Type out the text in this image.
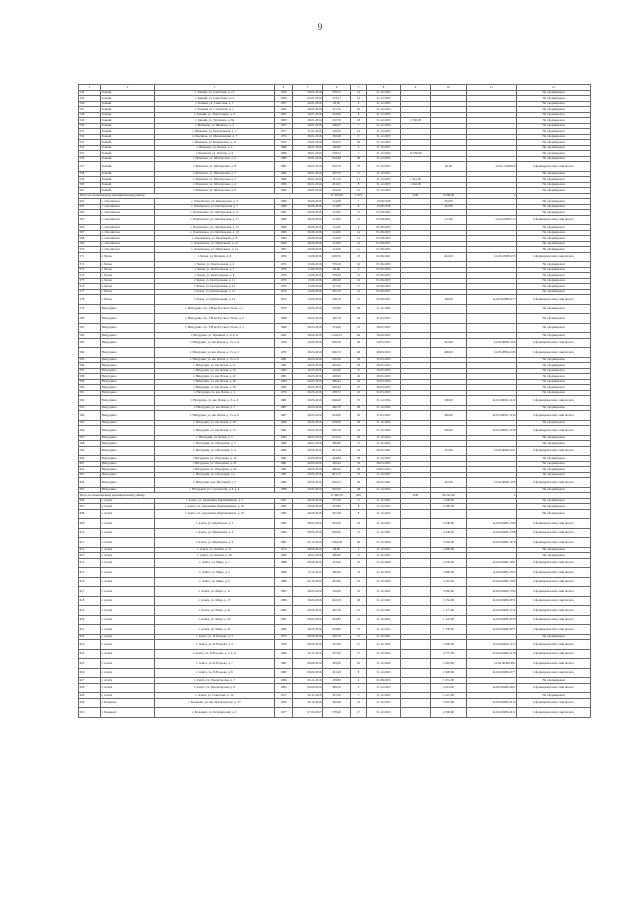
9
1	2	3	4	5	6	7	8	9	10	11	12
544	Тонкий	г. Тонкий, ул. Советская, д. 13	1959	09.01.2016	378,52	14	31.12.2023				Не сформирован
545	Тонкий	г. Тонкий, ул. Советская, д. 11	1959	09.01.2016	373,51	12	31.12.2023				Не сформирован
546	Тонкий	г. Тонкий, ул. Советская, д. 7	1957	26.01.2016	94,50	4	31.12.2023				Не сформирован
547	Тонкий	г. Тонкий, ул. Строителя, д. 1	1962	26.01.2016	311,10	16	31.12.2023				Не сформирован
548	Тонкий	г. Тонкий, ул. Энергетиков, д. 4	1967	29.01.2016	254,66	8	31.12.2023				Не сформирован
549	Тонкий	г. Тонкий, ул. Тургенева, д. 84	1960	28.01.2014	210,70	18	31.12.2023	1 550,00			Не сформирован
550	Тонкий	г. Мамонов, ул. Филиала, д. 3	1957	29.01.2016	266,67	7	31.12.2023				Не сформирован
551	Тонкий	г. Шаньков, ул. Центральная, д. 7	1977	31.01.2016	318,50	14	31.12.2023				Не сформирован
552	Тонкий	г. Ольгинов, ул. Механизация, д. 7	1974	26.01.2016	330,60	9	31.12.2023				Не сформирован
553	Тонкий	г. Шаньков, ул. Пионерская, д. 11	1972	20.01.2016	504,25	29	31.12.2023				Не сформирован
554	Тонкий	г. Шаньков, ул. Чехова, д. 2	1968	26.01.2016	190,00	9	31.12.2023				Не сформирован
555	Тонкий	г. Бельмонт, ул. Победы, д. 9	1968	28.01.2014	218,54	7	31.12.2023	12 550,00			Не сформирован
556	Тонкий	г. Мамонов, ул. Шахтерская, д. 6	1986	26.01.2016	916,60	38	31.12.2023				Не сформирован
557	Тонкий	г. Мамонов, ул. Шахтерская, д. 8	1987	29.01.2016	916,70	37	31.12.2023		65,00	14-02-124049-9	Сформирован или сами вплоть
558	Тонкий	г. Мамонов, ул. Шахтерская, д. 7	1960	29.01.2016	295,70	11	31.12.2023				Не сформирован
559	Тонкий	г. Мамонов, ул. Шахтерская, д. 5	1968	26.01.2014	257,70	11	31.12.2023	1 412,00			Не сформирован
560	Тонкий	г. Мамонов, ул. Шахтерская, д. 4	1956	26.01.2014	261,01	8	31.12.2023	1 042,00			Не сформирован
561	Тонкий	г. Мамонов, ул. Шахтерская, д. 9	1964	30.01.2016	264,50	12	31.12.2023				Не сформирован
Итого по Алексинскому муниципальному району					17 373,30	1 973		0,00	4 558,40	х	
562	с. Ольгинское	с. Ольгинское, ул. Пионерская, д. 3	1960	26.06.2016	114,00	7	15.08.2018		232,00		Не сформирован
563	с. Ольгинское	с. Ольгинское, ул. Октябрьская, д. 7	1960	26.06.2016	114,00	8	15.08.2018		232,00		Не сформирован
564	с. Ольгинское	с. Ольгинское, ул. Октябрьская, д. 11	1961	26.06.2016	114,00	15	01.08.2023				Не сформирован
565	с. Ольгинское	с. Ольгинское, ул. Октябрьская, д. 17	1969	26.06.2016	114,00	12	01.08.2022		112,40	14-03-09383-15	Сформирован или сами вплоть
566	с. Ольгинское	с. Ольгинское, ул. Октябрьская, д. 15	1969	26.06.2016	114,00	8	01.08.2023				Не сформирован
567	с. Ольгинское	с. Ольгинское, ул. Октябрьская, д. 10	1969	26.06.2016	114,00	14	01.08.2023				Не сформирован
568	с. Ольгинское	с. Ольгинское, ул. Щербакова, д. 8	1964	26.06.2016	114,00	12	01.08.2023				Не сформирован
569	с. Ольгинское	с. Ольгинское, ул. Щербакова, д. 12	1964	26.06.2016	114,00	14	01.08.2023				Не сформирован
570	с. Ольгинское	с. Ольгинское, ул. Щербакова, д. 14	1967	26.06.2016	114,00	11	01.08.2023				Не сформирован
571	г. Чехов	г. Чехов, ул. Шорина, д. 6	1950	13.06.2016	638,36	23	01.06.2021		422,00	14-03-10608-279	Сформирован или сами вплоть
572	г. Чехов	г. Чехов, ул. Центральная, д. 4	1971	13.06.2016	376,20	16	01.06.2023				Не сформирован
573	г. Чехов	г. Чехов, ул. Центральная, д. 7	1970	13.06.2016	96,60	9	01.06.2023				Не сформирован
574	г. Чехов	г. Чехов, ул. Центральная, д. 8	1970	13.06.2016	378,20	12	01.06.2023				Не сформирован
575	г. Чехов	г. Чехов, ул. Центральная, д. 11	1970	13.06.2016	436,20	16	01.06.2023				Не сформирован
576	г. Чехов	г. Чехов, ул. Центральная, д. 12	1970	13.06.2016	417,20	17	01.06.2023				Не сформирован
577	г. Чехов	г. Чехов, ул. Центральная, д. 13	1970	13.06.2016	435,70	14	01.06.2023				Не сформирован
578	г. Чехов	г. Чехов, ул. Центральная, д. 14	1973	13.06.2016	238,10	15	01.06.2021		199,00	14-02-010808-277	Сформирован или сами вплоть
579	Ничурдино	г. Ничурдин, стр. 338 кв Русского Устья, д. 1	1973	26.05.2016	470,60	30	31.12.2024				Не сформирован
580	Ничурдино	г. Ничурдин, стр. 338 кв Русского Устья, д. 2	1968	26.05.2016	390,79	44	31.05.2023				Не сформирован
581	Ничурдино	г. Ничурдин, стр. 338 кв Русского Устья, д. 3	1968	26.05.2016	374,60	19	26.05.2023				Не сформирован
582	Ничурдино	г. Ничурдин, ул. Пушкина, д. 6, к. А	1961	26.09.2016	1 024,47	64	30.09.2023				Не сформирован
583	Ничурдино	г. Ничурдин, ул. им. Ясная, д. 15, к. 6	1978	16.05.2016	636,30	30	24.05.2023		422,00	14-03-06091-100	Сформирован или сами вплоть
584	Ничурдино	г. Ничурдин, ул. им. Ясная, д. 15, к. 5	1979	26.05.2016	636,70	60	28.09.2023		496,00	14-03-08094-100	Сформирован или сами вплоть
585	Ничурдино	г. Ничурдин, ул. им. Ясная, д. 15, к. 6	1981	26.05.2016	650,20	56	31.05.2023				Не сформирован
586	Ничурдино	г. Ничурдин, ул. им. Ясная, д. 21	1981	26.05.2016	445,00	18	28.05.2023				Не сформирован
587	Ничурдино	г. Ничурдин, ул. им. Ясная, д. 23	1984	26.05.2016	410,00	27	26.05.2023				Не сформирован
588	Ничурдино	г. Ничурдин, ул. им. Ясная, д. 25	1981	26.05.2016	420,06	29	30.05.2023				Не сформирован
589	Ничурдино	г. Ничурдин, ул. им. Ясная, д. 26	1984	26.05.2016	390,64	24	30.05.2023				Не сформирован
590	Ничурдино	г. Ничурдин, ул. им. Ясная, д. 29	1982	26.05.2016	820,60	27	30.05.2023				Не сформирован
591	Ничурдино	г. Ничурдин, ул. им. Ясная, д. 1	1970	26.05.2016	238,72	22	31.05.2023				Не сформирован
592	Ничурдино	г. Ничурдин, ул. им. Ясная, д. 3, к. 6	1981	26.05.2016	646,60	70	31.12.2024		500,00	14-03-06091-1210	Сформирован или сами вплоть
593	Ничурдино	г. Ничурдин, ул. им. Ясная, д. 7	1987	26.05.2016	490,70	28	31.12.2024				Не сформирован
594	Ничурдино	г. Ничурдин, ул. им. Ясная, д. 15, к. 6	1987	26.05.2016	654,60	30	31.05.2023		400,00	14-03-06091-1234	Сформирован или сами вплоть
595	Ничурдино	г. Ничурдин, ул. им. Ясная, д. 30	1980	26.05.2016	678,00	36	31.12.2024				Не сформирован
596	Ничурдино	г. Ничурдин, ул. им. Ясная, д. 31	1981	26.05.2016	636,76	22	31.12.2024		500,00	14-03-06091-1230	Сформирован или сами вплоть
597	Ничурдино	г. Ничурдин, ул. Ясная, д. 5	1964	26.05.2016	672,04	36	31.12.2024				Не сформирован
598	Ничурдино	г. Ничурдин, ул. Объездная, д. 5	1986	26.05.2016	380,86	17	31.12.2024				Не сформирован
599	Ничурдино	г. Ничурдин, ул. Объездная, д. 4	1982	26.05.2016	641,76	32	26.05.2022		725,00	14-03-06094-201	Сформирован или сами вплоть
600	Ничурдино	г. Ничурдин, ул. Объездная, д. 16	1981	26.05.2016	464,86	28	31.12.2023				Не сформирован
601	Ничурдино	г. Ничурдин, ул. Объездная, д. 25	1981	26.05.2016	338,20	34	26.05.2023				Не сформирован
602	Ничурдино	г. Ничурдин, ул. Объездная, д. 26	1981	26.05.2016	460,00	30	20.05.2023				Не сформирован
603	Ничурдино	г. Ничурдин, ул. Объездная, д. 1	1981	26.05.2016	641,15	25	31.12.2023				Не сформирован
604	Ничурдино	г. Ничурдин, пер. Весенний, д. 5	1983	26.05.2016	636,25	30	26.05.2022		422,00	14-02-06091-205	Сформирован или сами вплоть
605	Ничурдино	г. Ничурдин, ул. Строителей, д. 8, к. 4	1988	26.05.2016	620,00	48	31.12.2023				Не сформирован
Итого по Алексинскому муниципальному району					17 460,76	965		0,00	69 221,29	х	
606	г. Ачита	г. Ачита, ул. Академика Кирпичниковa, д. 1	1957	26.09.2016	275,30	11	31.12.2023		1 029,00		Не сформирован
607	г. Ачита	г. Ачита, ул. Академика Кирпичниковa, д. 10	1962	26.09.2016	253,80	8	31.12.2023		2 400,00		Не сформирован
608	г. Ачита	г. Ачита, ул. Академика Кирпичниковa, д. 10	1985	26.09.2016	267,40	8	31.12.2023				Не сформирован
609	г. Ачита	г. Ачита, ул. Кирпилова, д. 2	1982	08.05.2016	855,99	33	31.12.2024		2 640,00	14-04-00409-1766	Сформирован или сами вплоть
610	г. Ачита	г. Ачита, ул. Кирпилова, д. 4	1984	08.05.2016	658,66	31	31.12.2022		2 440,00	14-04-00409-1768	Сформирован или сами вплоть
611	г. Ачита	г. Ачита, ул. Кирпилова, д. 6	1987	03.12.2014	1 864,40	92	31.12.2020		5 094,06	14-04-00409-1670	Сформирован или сами вплоть
612	г. Ачита	г. Ачита, ул. Ленина, д. 11	1974	08.09.2016	96,80	2	31.12.2023		1 900,00		Не сформирован
613	г. Ачита	г. Ачита, ул. Ленина, д. 39	1960	16.05.2016	300,00	12	31.12.2023				Не сформирован
614	г. Ачита	г. Ачита, ул. Мира, д. 1	1988	08.09.2016	323,00	22	31.12.2020		2 559,00	14-04-00409-1691	Сформирован или сами вплоть
615	г. Ачита	г. Ачита, ул. Мира, д. 4	1989	13.12.2014	306,60	33	31.12.2020		3 800,00	14-04-00409-1593	Сформирован или сами вплоть
616	г. Ачита	г. Ачита, ул. Мира, д. 6	1989	03.12.2014	281,90	25	31.12.2020		4 161,00	14-04-00409-1592	Сформирован или сами вплоть
617	г. Ачита	г. Ачита, ул. Мира, д. 11	1983	26.05.2016	516,00	22	31.12.2022		2 082,00	14-04-00409-1764	Сформирован или сами вплоть
618	г. Ачита	г. Ачита, ул. Мира, д. 17	1986	26.05.2016	642,50	40	31.12.2022		3 152,00	14-04-00409-0072	Сформирован или сами вплоть
619	г. Ачита	г. Ачита, ул. Мира, д. 41	1985	06.05.2016	397,70	15	31.12.2022		1 177,00	14-04-00409-1774	Сформирован или сами вплоть
620	г. Ачита	г. Ачита, ул. Мира, д. 43	1991	06.05.2016	634,80	21	31.12.2022		1 125,00	14-04-00409-0078	Сформирован или сами вплоть
621	г. Ачита	г. Ачита, ул. Мира, д. 45	1990	26.05.2016	634,80	37	31.12.2022		1 150,00	14-04-00409-0077	Сформирован или сами вплоть
622	г. Ачита	г. Ачита, ул. Н.Хохрова, д. 5	1975	06.09.2016	202,70	12	31.12.2022				Не сформирован
623	г. Ачита	г. Ачита, ул. П.Егорова, д. 4	1978	06.09.2016	357,60	15	31.12.2024		2 000,00	14-04-00409-1173	Сформирован или сами вплоть
624	г. Ачита	г. Ачита, ул. П.Егорова, д. 1, к. А	1990	30.11.2016	357,00	17	31.12.2024		2 777,00	14-04-00409-0176	Сформирован или сами вплоть
625	г. Ачита	г. Ачита, ул. П.Егорова, д. 7	1981	06.06.2016	383,20	16	31.12.2024		1 903,00	14-04-00409-002	Сформирован или сами вплоть
626	г. Ачита	г. Ачита, ул. П.Егорова, д. 8	1982	06.09.2016	491,40	8	31.12.2023		1 900,00	14-04-00409-0177	Сформирован или сами вплоть
627	г. Ачита	г. Ачита, ул. Пролетарская, д. 7	1984	06.11.2016	478,80	4	01.08.2023		1 251,00		Не сформирован
628	г. Ачита	г. Ачита, ул. Пролетарская, д. 8	1984	06.09.2016	409,10	5	31.12.2023		2 414,00	14-04-00409-0201	Сформирован или сами вплоть
629	г. Ачита	г. Ачита, ул. Советская, д. 14	1977	26.11.2016	327,20	7	31.12.2023		1 221,00		Не сформирован
630	г. Бельмонт	г. Бельмонт, ул. им. Магистратова, д. 57	1976	26.12.2016	302,90	31	31.12.2023		2 007,00	14-04-00409-0212	Сформирован или сами вплоть
631	г. Бельмонт	г. Бельмонт, ул. Победителей, д. 2	1977	07.09.2017	378,40	17	31.12.2023		2 500,00	14-04-00409-0212	Сформирован или сами вплоть
